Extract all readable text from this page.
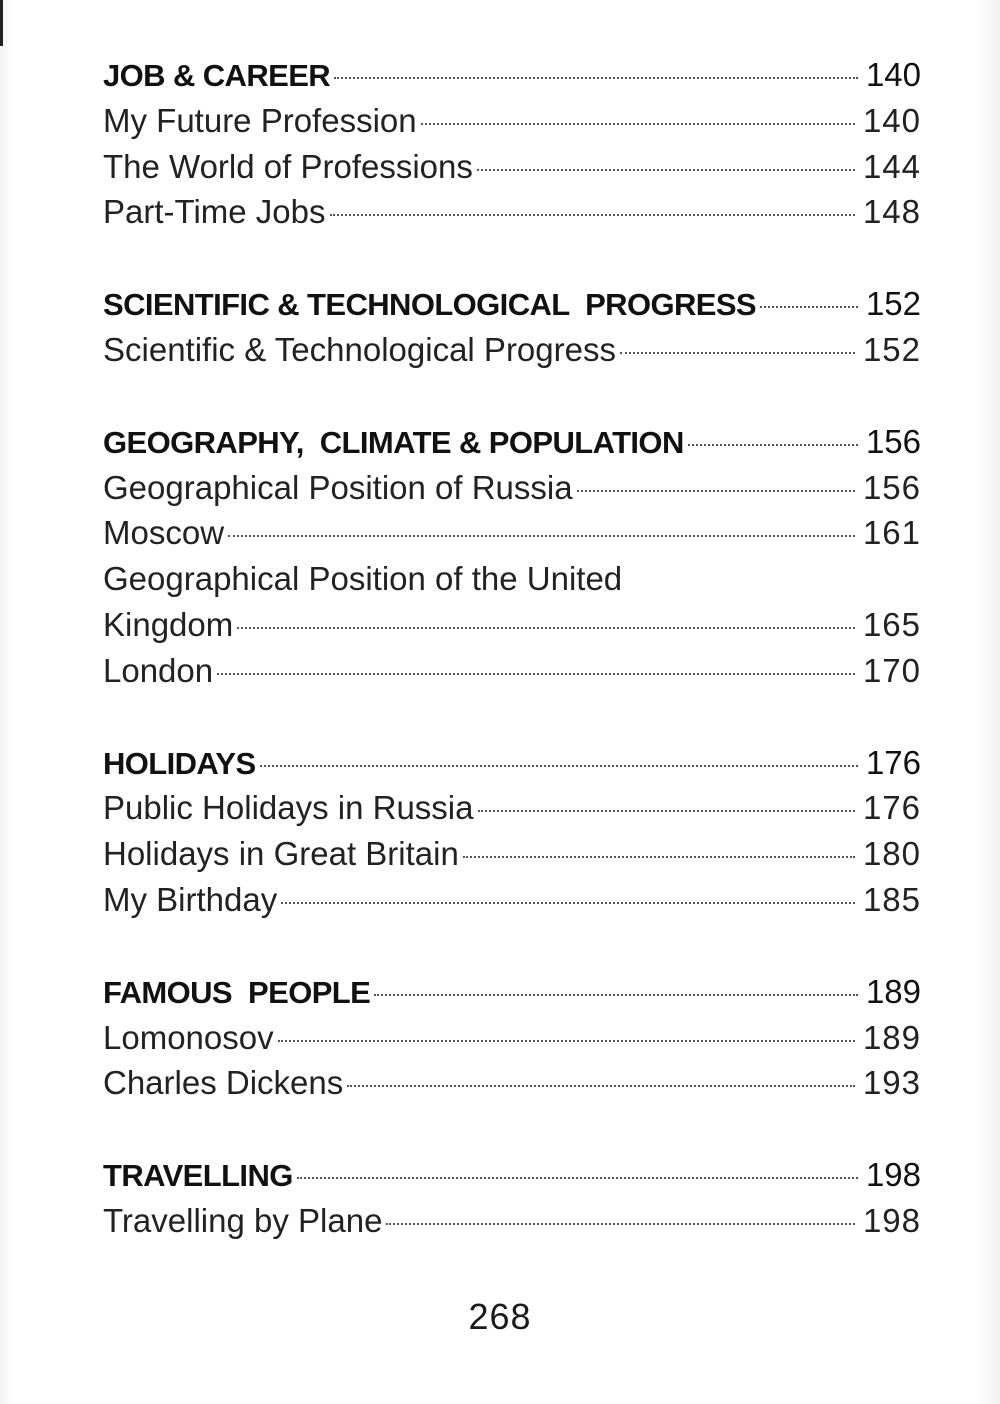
JOB & CAREER	140
My Future Profession	140
The World of Professions	144
Part-Time Jobs	148
SCIENTIFIC & TECHNOLOGICAL  PROGRESS	152
Scientific & Technological Progress	152
GEOGRAPHY,  CLIMATE & POPULATION	156
Geographical Position of Russia	156
Moscow	161
Geographical Position of the United
Kingdom	165
London	170
HOLIDAYS	176
Public Holidays in Russia	176
Holidays in Great Britain	180
My Birthday	185
FAMOUS  PEOPLE	189
Lomonosov	189
Charles Dickens	193
TRAVELLING	198
Travelling by Plane	198
268
